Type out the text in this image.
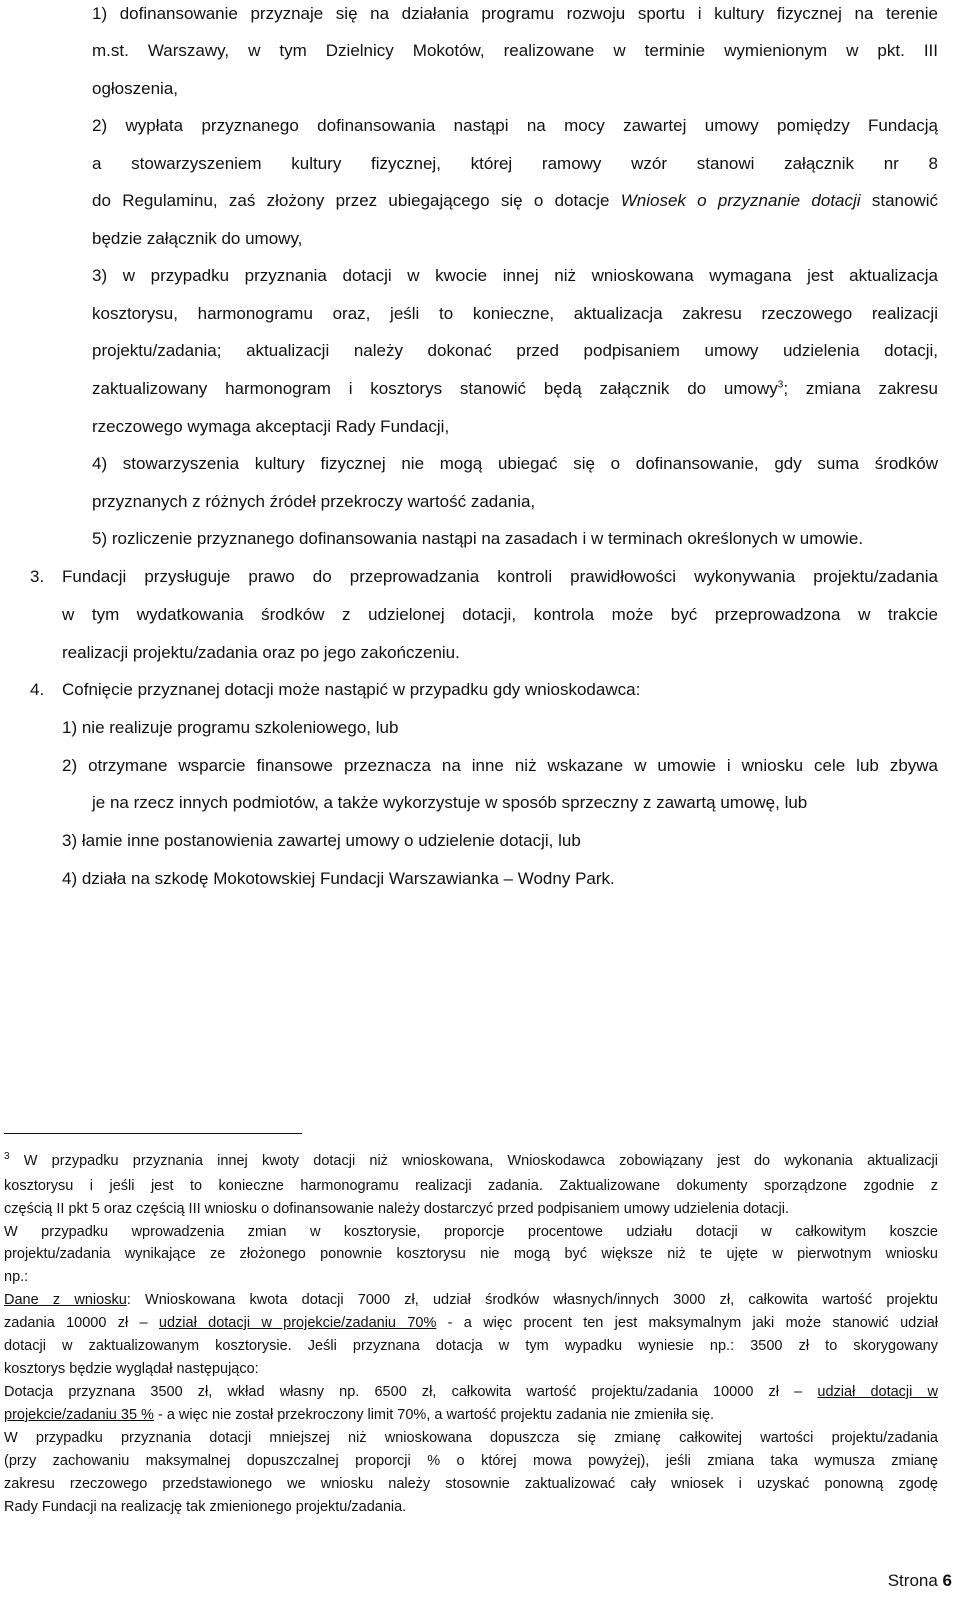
1) dofinansowanie przyznaje się na działania programu rozwoju sportu i kultury fizycznej na terenie
m.st. Warszawy, w tym Dzielnicy Mokotów, realizowane w terminie wymienionym w pkt. III
ogłoszenia,
2) wypłata przyznanego dofinansowania nastąpi na mocy zawartej umowy pomiędzy Fundacją
a stowarzyszeniem kultury fizycznej, której ramowy wzór stanowi załącznik nr 8
do Regulaminu, zaś złożony przez ubiegającego się o dotacje Wniosek o przyznanie dotacji stanowić
będzie załącznik do umowy,
3) w przypadku przyznania dotacji w kwocie innej niż wnioskowana wymagana jest aktualizacja
kosztorysu, harmonogramu oraz, jeśli to konieczne, aktualizacja zakresu rzeczowego realizacji
projektu/zadania; aktualizacji należy dokonać przed podpisaniem umowy udzielenia dotacji,
zaktualizowany harmonogram i kosztorys stanowić będą załącznik do umowy$^3$; zmiana zakresu
rzeczowego wymaga akceptacji Rady Fundacji,
4) stowarzyszenia kultury fizycznej nie mogą ubiegać się o dofinansowanie, gdy suma środków
przyznanych z różnych źródeł przekroczy wartość zadania,
5) rozliczenie przyznanego dofinansowania nastąpi na zasadach i w terminach określonych w umowie.
3. Fundacji przysługuje prawo do przeprowadzania kontroli prawidłowości wykonywania projektu/zadania
w tym wydatkowania środków z udzielonej dotacji, kontrola może być przeprowadzona w trakcie
realizacji projektu/zadania oraz po jego zakończeniu.
4. Cofnięcie przyznanej dotacji może nastąpić w przypadku gdy wnioskodawca:
1) nie realizuje programu szkoleniowego, lub
2) otrzymane wsparcie finansowe przeznacza na inne niż wskazane w umowie i wniosku cele lub zbywa
je na rzecz innych podmiotów, a także wykorzystuje w sposób sprzeczny z zawartą umowę, lub
3) łamie inne postanowienia zawartej umowy o udzielenie dotacji, lub
4) działa na szkodę Mokotowskiej Fundacji Warszawianka – Wodny Park.
$^3$ W przypadku przyznania innej kwoty dotacji niż wnioskowana, Wnioskodawca zobowiązany jest do wykonania aktualizacji
kosztorysu i jeśli jest to konieczne harmonogramu realizacji zadania. Zaktualizowane dokumenty sporządzone zgodnie z
częścią II pkt 5 oraz częścią III wniosku o dofinansowanie należy dostarczyć przed podpisaniem umowy udzielenia dotacji.
W przypadku wprowadzenia zmian w kosztorysie, proporcje procentowe udziału dotacji w całkowitym koszcie
projektu/zadania wynikające ze złożonego ponownie kosztorysu nie mogą być większe niż te ujęte w pierwotnym wniosku
np.:
Dane z wniosku: Wnioskowana kwota dotacji 7000 zł, udział środków własnych/innych 3000 zł, całkowita wartość projektu
zadania 10000 zł – udział dotacji w projekcie/zadaniu 70% - a więc procent ten jest maksymalnym jaki może stanowić udział
dotacji w zaktualizowanym kosztorysie. Jeśli przyznana dotacja w tym wypadku wyniesie np.: 3500 zł to skorygowany
kosztorys będzie wyglądał następująco:
Dotacja przyznana 3500 zł, wkład własny np. 6500 zł, całkowita wartość projektu/zadania 10000 zł – udział dotacji w
projekcie/zadaniu 35 % - a więc nie został przekroczony limit 70%, a wartość projektu zadania nie zmieniła się.
W przypadku przyznania dotacji mniejszej niż wnioskowana dopuszcza się zmianę całkowitej wartości projektu/zadania
(przy zachowaniu maksymalnej dopuszczalnej proporcji % o której mowa powyżej), jeśli zmiana taka wymusza zmianę
zakresu rzeczowego przedstawionego we wniosku należy stosownie zaktualizować cały wniosek i uzyskać ponowną zgodę
Rady Fundacji na realizację tak zmienionego projektu/zadania.
Strona 6
